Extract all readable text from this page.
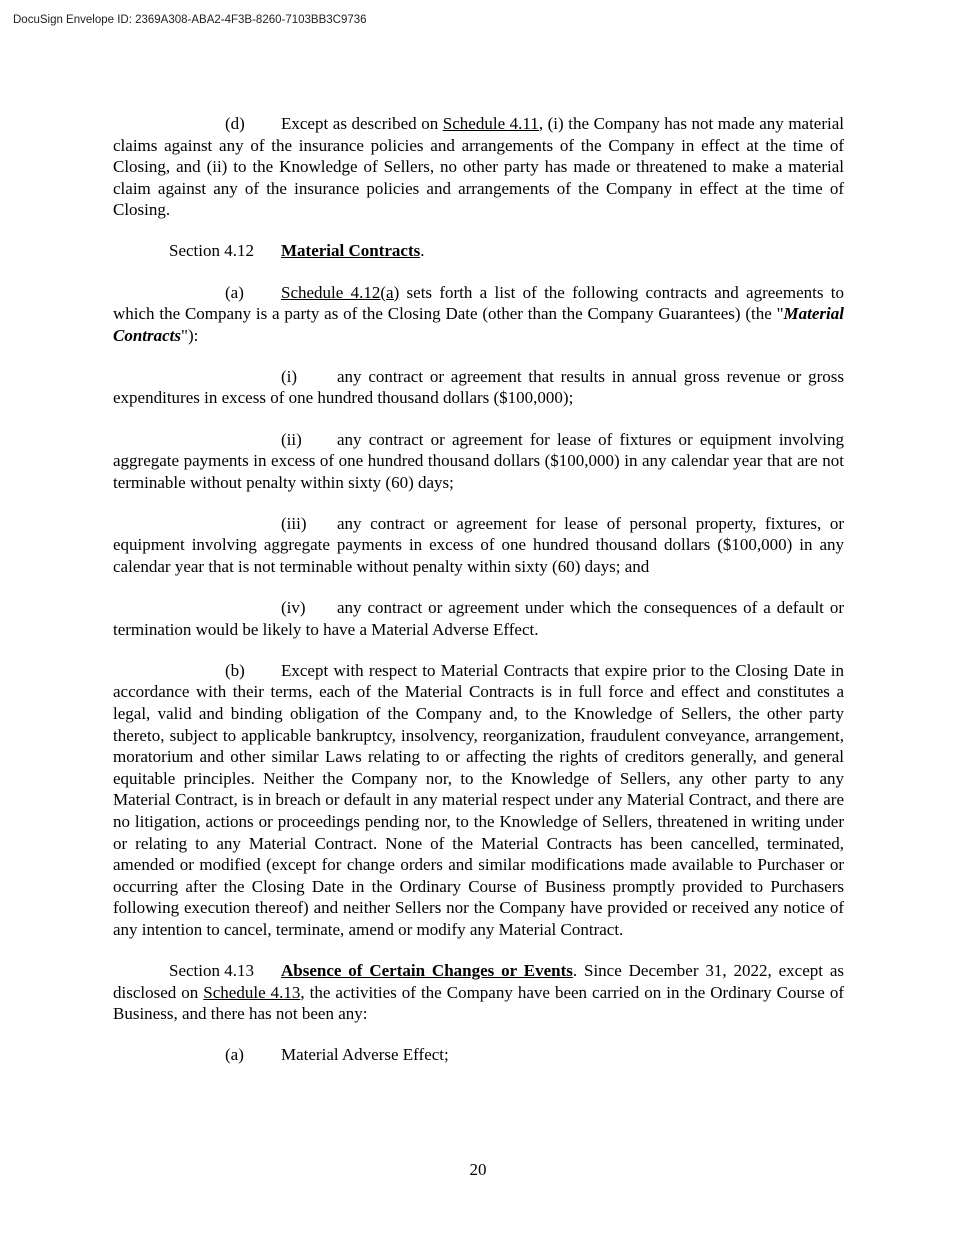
DocuSign Envelope ID: 2369A308-ABA2-4F3B-8260-7103BB3C9736

(d) Except as described on Schedule 4.11, (i) the Company has not made any material claims against any of the insurance policies and arrangements of the Company in effect at the time of Closing, and (ii) to the Knowledge of Sellers, no other party has made or threatened to make a material claim against any of the insurance policies and arrangements of the Company in effect at the time of Closing.

Section 4.12 Material Contracts.

(a) Schedule 4.12(a) sets forth a list of the following contracts and agreements to which the Company is a party as of the Closing Date (other than the Company Guarantees) (the "Material Contracts"):

(i) any contract or agreement that results in annual gross revenue or gross expenditures in excess of one hundred thousand dollars ($100,000);

(ii) any contract or agreement for lease of fixtures or equipment involving aggregate payments in excess of one hundred thousand dollars ($100,000) in any calendar year that are not terminable without penalty within sixty (60) days;

(iii) any contract or agreement for lease of personal property, fixtures, or equipment involving aggregate payments in excess of one hundred thousand dollars ($100,000) in any calendar year that is not terminable without penalty within sixty (60) days; and

(iv) any contract or agreement under which the consequences of a default or termination would be likely to have a Material Adverse Effect.

(b) Except with respect to Material Contracts that expire prior to the Closing Date in accordance with their terms, each of the Material Contracts is in full force and effect and constitutes a legal, valid and binding obligation of the Company and, to the Knowledge of Sellers, the other party thereto, subject to applicable bankruptcy, insolvency, reorganization, fraudulent conveyance, arrangement, moratorium and other similar Laws relating to or affecting the rights of creditors generally, and general equitable principles. Neither the Company nor, to the Knowledge of Sellers, any other party to any Material Contract, is in breach or default in any material respect under any Material Contract, and there are no litigation, actions or proceedings pending nor, to the Knowledge of Sellers, threatened in writing under or relating to any Material Contract. None of the Material Contracts has been cancelled, terminated, amended or modified (except for change orders and similar modifications made available to Purchaser or occurring after the Closing Date in the Ordinary Course of Business promptly provided to Purchasers following execution thereof) and neither Sellers nor the Company have provided or received any notice of any intention to cancel, terminate, amend or modify any Material Contract.

Section 4.13 Absence of Certain Changes or Events. Since December 31, 2022, except as disclosed on Schedule 4.13, the activities of the Company have been carried on in the Ordinary Course of Business, and there has not been any:

(a) Material Adverse Effect;

20
